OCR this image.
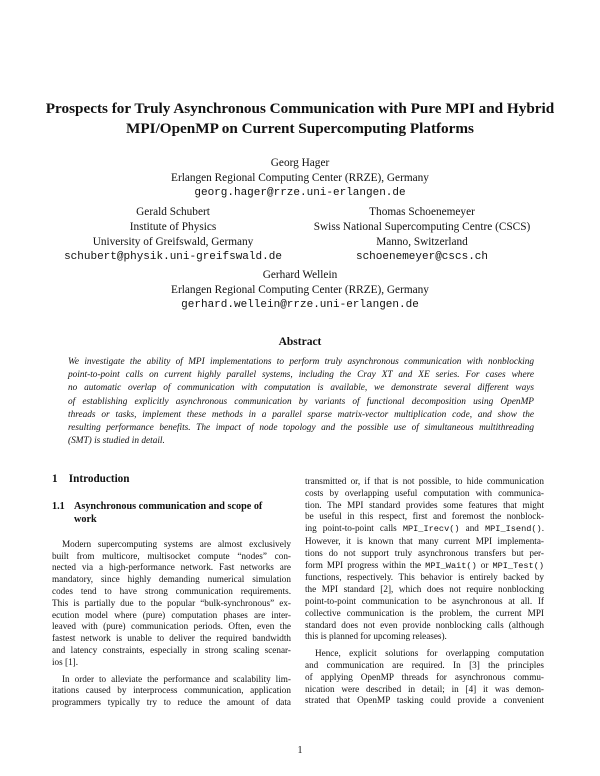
Prospects for Truly Asynchronous Communication with Pure MPI and Hybrid
MPI/OpenMP on Current Supercomputing Platforms
Georg Hager
Erlangen Regional Computing Center (RRZE), Germany
georg.hager@rrze.uni-erlangen.de
Gerald Schubert
Institute of Physics
University of Greifswald, Germany
schubert@physik.uni-greifswald.de
Thomas Schoenemeyer
Swiss National Supercomputing Centre (CSCS)
Manno, Switzerland
schoenemeyer@cscs.ch
Gerhard Wellein
Erlangen Regional Computing Center (RRZE), Germany
gerhard.wellein@rrze.uni-erlangen.de
Abstract
We investigate the ability of MPI implementations to perform truly asynchronous communication with nonblocking
point-to-point calls on current highly parallel systems, including the Cray XT and XE series. For cases where
no automatic overlap of communication with computation is available, we demonstrate several different ways
of establishing explicitly asynchronous communication by variants of functional decomposition using OpenMP
threads or tasks, implement these methods in a parallel sparse matrix-vector multiplication code, and show the
resulting performance benefits. The impact of node topology and the possible use of simultaneous multithreading
(SMT) is studied in detail.
1 Introduction
1.1 Asynchronous communication and scope of
work
Modern supercomputing systems are almost exclusively
built from multicore, multisocket compute “nodes” con-
nected via a high-performance network. Fast networks are
mandatory, since highly demanding numerical simulation
codes tend to have strong communication requirements.
This is partially due to the popular “bulk-synchronous” ex-
ecution model where (pure) computation phases are inter-
leaved with (pure) communication periods. Often, even the
fastest network is unable to deliver the required bandwidth
and latency constraints, especially in strong scaling scenar-
ios [1].
In order to alleviate the performance and scalability lim-
itations caused by interprocess communication, application
programmers typically try to reduce the amount of data
transmitted or, if that is not possible, to hide communication
costs by overlapping useful computation with communica-
tion. The MPI standard provides some features that might
be useful in this respect, first and foremost the nonblock-
ing point-to-point calls MPI_Irecv() and MPI_Isend().
However, it is known that many current MPI implementa-
tions do not support truly asynchronous transfers but per-
form MPI progress within the MPI_Wait() or MPI_Test()
functions, respectively. This behavior is entirely backed by
the MPI standard [2], which does not require nonblocking
point-to-point communication to be asynchronous at all. If
collective communication is the problem, the current MPI
standard does not even provide nonblocking calls (although
this is planned for upcoming releases).
Hence, explicit solutions for overlapping computation
and communication are required. In [3] the principles
of applying OpenMP threads for asynchronous commu-
nication were described in detail; in [4] it was demon-
strated that OpenMP tasking could provide a convenient
1
